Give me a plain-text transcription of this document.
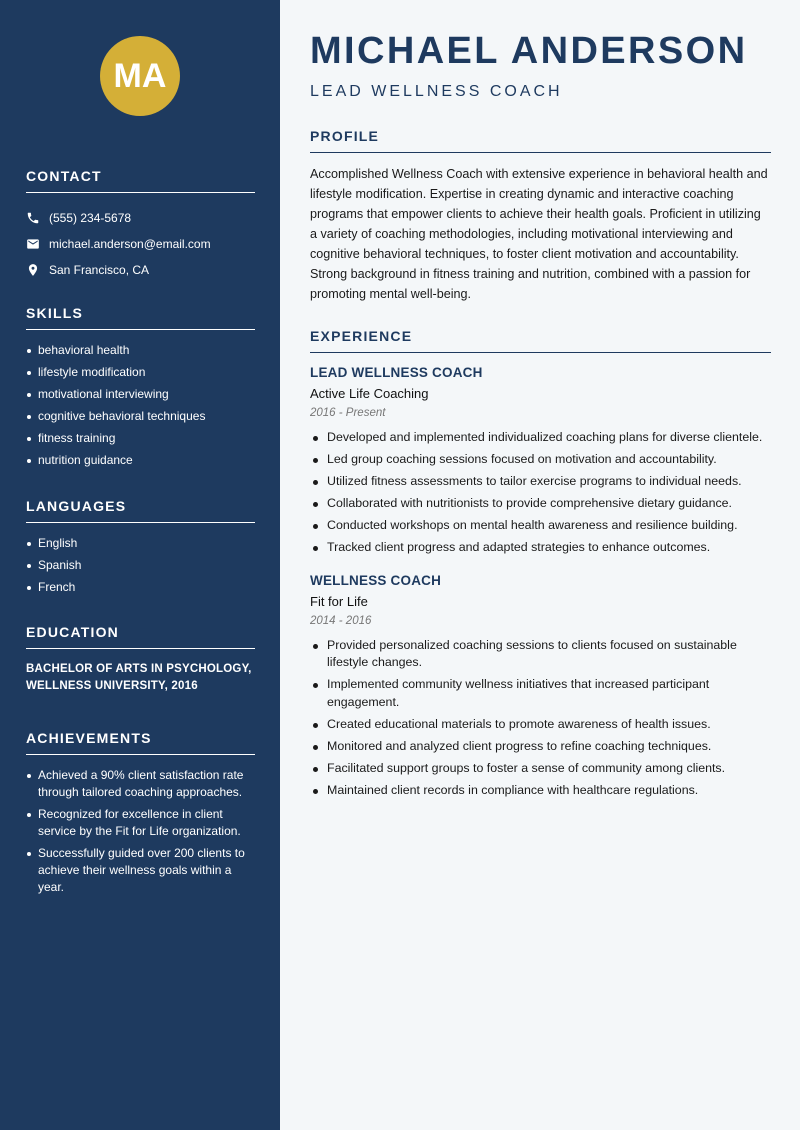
MA
CONTACT
(555) 234-5678
michael.anderson@email.com
San Francisco, CA
SKILLS
behavioral health
lifestyle modification
motivational interviewing
cognitive behavioral techniques
fitness training
nutrition guidance
LANGUAGES
English
Spanish
French
EDUCATION
BACHELOR OF ARTS IN PSYCHOLOGY, WELLNESS UNIVERSITY, 2016
ACHIEVEMENTS
Achieved a 90% client satisfaction rate through tailored coaching approaches.
Recognized for excellence in client service by the Fit for Life organization.
Successfully guided over 200 clients to achieve their wellness goals within a year.
MICHAEL ANDERSON
LEAD WELLNESS COACH
PROFILE
Accomplished Wellness Coach with extensive experience in behavioral health and lifestyle modification. Expertise in creating dynamic and interactive coaching programs that empower clients to achieve their health goals. Proficient in utilizing a variety of coaching methodologies, including motivational interviewing and cognitive behavioral techniques, to foster client motivation and accountability. Strong background in fitness training and nutrition, combined with a passion for promoting mental well-being.
EXPERIENCE
LEAD WELLNESS COACH
Active Life Coaching
2016 - Present
Developed and implemented individualized coaching plans for diverse clientele.
Led group coaching sessions focused on motivation and accountability.
Utilized fitness assessments to tailor exercise programs to individual needs.
Collaborated with nutritionists to provide comprehensive dietary guidance.
Conducted workshops on mental health awareness and resilience building.
Tracked client progress and adapted strategies to enhance outcomes.
WELLNESS COACH
Fit for Life
2014 - 2016
Provided personalized coaching sessions to clients focused on sustainable lifestyle changes.
Implemented community wellness initiatives that increased participant engagement.
Created educational materials to promote awareness of health issues.
Monitored and analyzed client progress to refine coaching techniques.
Facilitated support groups to foster a sense of community among clients.
Maintained client records in compliance with healthcare regulations.
